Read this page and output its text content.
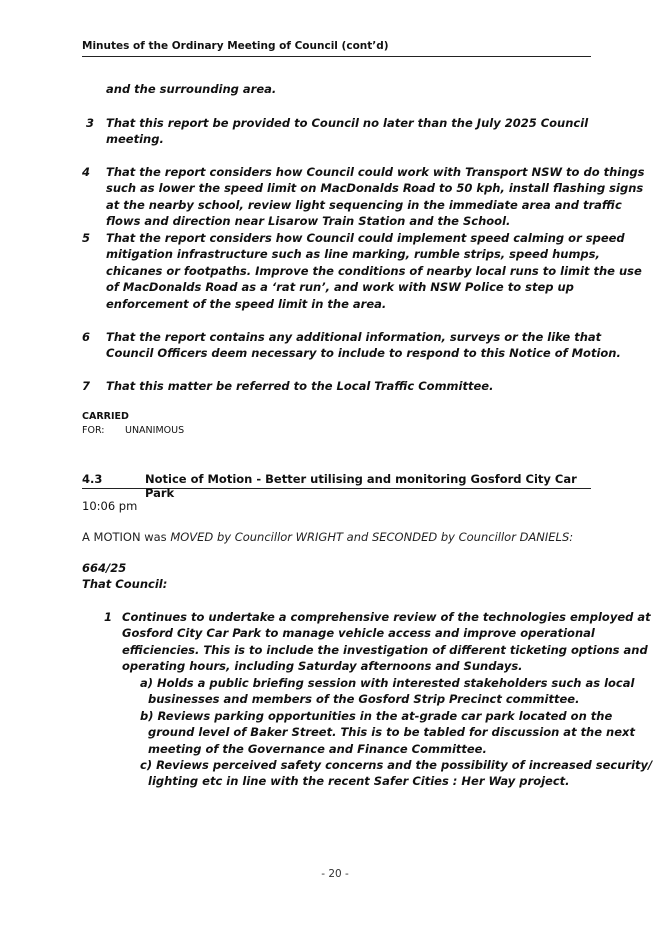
Minutes of the Ordinary Meeting of Council (cont’d)
and the surrounding area.
3 That this report be provided to Council no later than the July 2025 Council
meeting.
4 That the report considers how Council could work with Transport NSW to do things
such as lower the speed limit on MacDonalds Road to 50 kph, install flashing signs
at the nearby school, review light sequencing in the immediate area and traffic
flows and direction near Lisarow Train Station and the School.
5 That the report considers how Council could implement speed calming or speed
mitigation infrastructure such as line marking, rumble strips, speed humps,
chicanes or footpaths. Improve the conditions of nearby local runs to limit the use
of MacDonalds Road as a ‘rat run’, and work with NSW Police to step up
enforcement of the speed limit in the area.
6 That the report contains any additional information, surveys or the like that
Council Officers deem necessary to include to respond to this Notice of Motion.
7 That this matter be referred to the Local Traffic Committee.
CARRIED
FOR: UNANIMOUS
4.3	Notice of Motion - Better utilising and monitoring Gosford City Car Park
10:06 pm
A MOTION was MOVED by Councillor WRIGHT and SECONDED by Councillor DANIELS:
664/25
That Council:
1 Continues to undertake a comprehensive review of the technologies employed at
Gosford City Car Park to manage vehicle access and improve operational
efficiencies. This is to include the investigation of different ticketing options and
operating hours, including Saturday afternoons and Sundays.
a) Holds a public briefing session with interested stakeholders such as local
businesses and members of the Gosford Strip Precinct committee.
b) Reviews parking opportunities in the at-grade car park located on the
ground level of Baker Street. This is to be tabled for discussion at the next
meeting of the Governance and Finance Committee.
c) Reviews perceived safety concerns and the possibility of increased security/
lighting etc in line with the recent Safer Cities : Her Way project.
- 20 -
